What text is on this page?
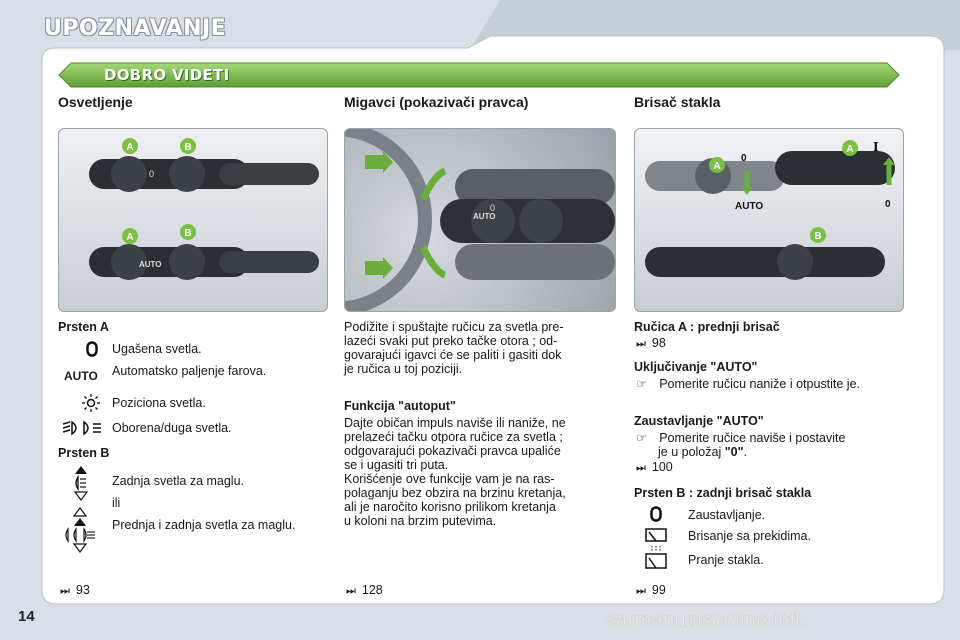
UPOZNAVANJE
DOBRO VIDETI
Osvetljenje	Migavci (pokazivači pravca)	Brisač stakla
A	B
A	B
0
AUTO
AUTO
0
A
A
B
0
AUTO
I
0
Prsten A
Ugašena svetla.
AUTO Automatsko paljenje farova.
Poziciona svetla.
Oborena/duga svetla.
Prsten B
Zadnja svetla za maglu.
ili
Prednja i zadnja svetla za maglu.
⏭ 93
Podižite i spuštajte ručicu za svetla pre-
lazeći svaki put preko tačke otora ; od-
govarajući igavci će se paliti i gasiti dok
je ručica u toj poziciji.
Funkcija "autoput"
Dajte običan impuls naviše ili naniže, ne
prelazeći tačku otpora ručice za svetla ;
odgovarajući pokazivači pravca upaliće
se i ugasiti tri puta.
Korišćenje ove funkcije vam je na ras-
polaganju bez obzira na brzinu kretanja,
ali je naročito korisno prilikom kretanja
u koloni na brzim putevima.
⏭ 128
Ručica A : prednji brisač
⏭ 98
Uključivanje "AUTO"
☞ Pomerite ručicu naniže i otpustite je.
Zaustavljanje "AUTO"
☞ Pomerite ručice naviše i postavite
je u položaj "0".
⏭ 100
Prsten B : zadnji brisač stakla
Zaustavljanje.
Brisanje sa prekidima.
Pranje stakla.
⏭ 99
14	carmanualsonline.info
